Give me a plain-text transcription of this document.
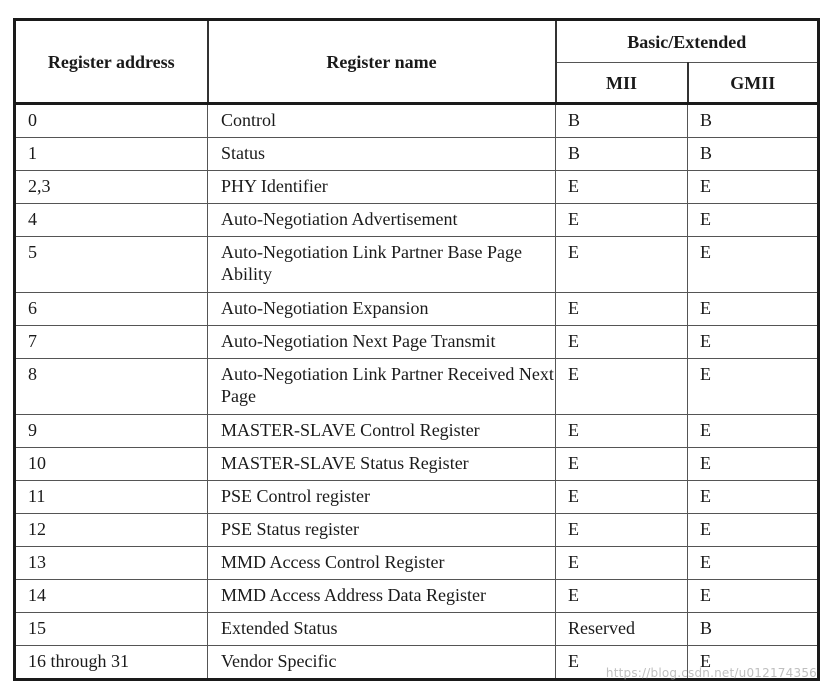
Register address	Register name	Basic/Extended	
		MII	GMII
0	Control	B	B
1	Status	B	B
2,3	PHY Identifier	E	E
4	Auto-Negotiation Advertisement	E	E
5	Auto-Negotiation Link Partner Base Page Ability	E	E
6	Auto-Negotiation Expansion	E	E
7	Auto-Negotiation Next Page Transmit	E	E
8	Auto-Negotiation Link Partner Received Next Page	E	E
9	MASTER-SLAVE Control Register	E	E
10	MASTER-SLAVE Status Register	E	E
11	PSE Control register	E	E
12	PSE Status register	E	E
13	MMD Access Control Register	E	E
14	MMD Access Address Data Register	E	E
15	Extended Status	Reserved	B
16 through 31	Vendor Specific	E	E
https://blog.csdn.net/u012174356
